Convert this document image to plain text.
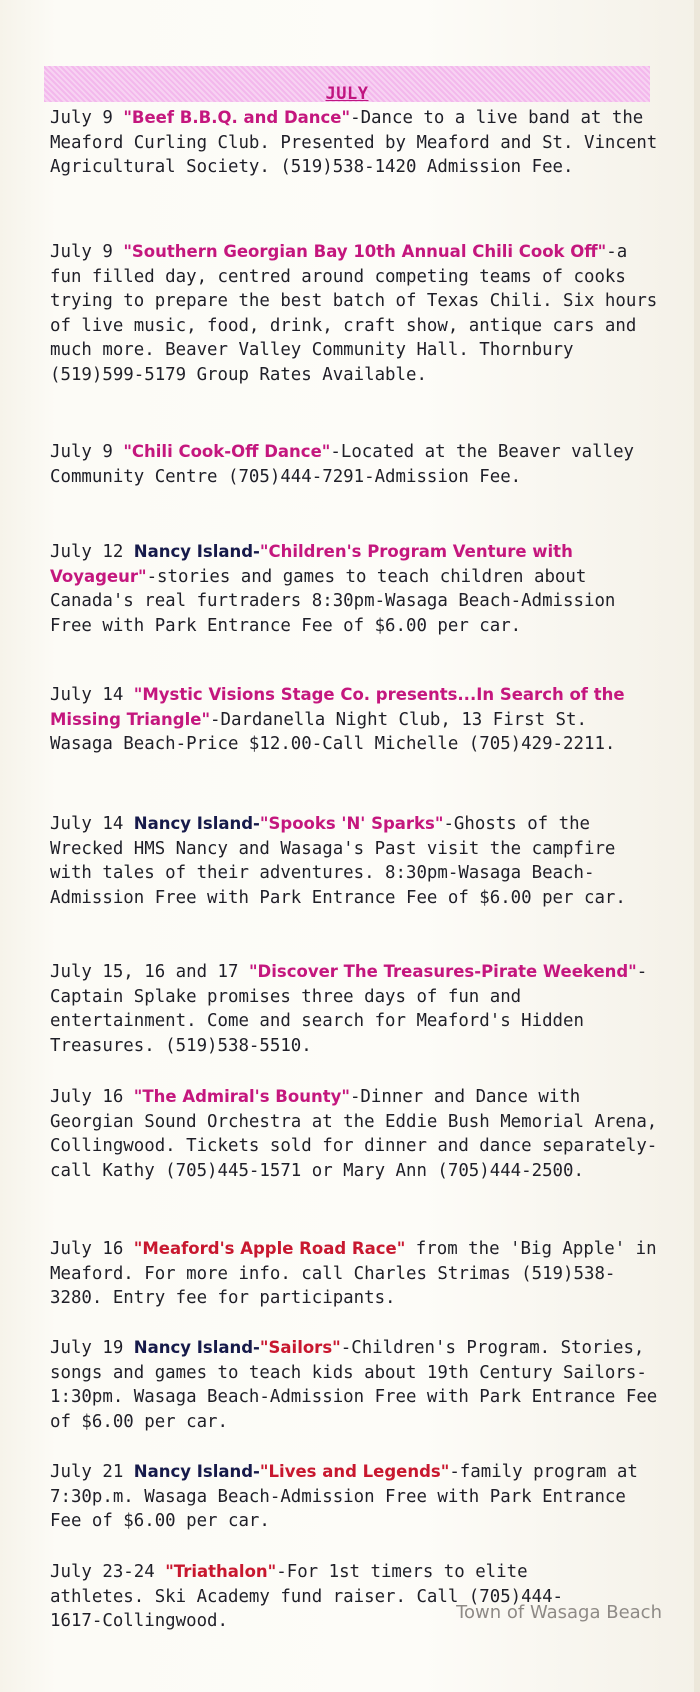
JULY
July 9 "Beef B.B.Q. and Dance"-Dance to a live band at the Meaford Curling Club. Presented by Meaford and St. Vincent Agricultural Society. (519)538-1420 Admission Fee.
July 9 "Southern Georgian Bay 10th Annual Chili Cook Off"-a fun filled day, centred around competing teams of cooks trying to prepare the best batch of Texas Chili. Six hours of live music, food, drink, craft show, antique cars and much more. Beaver Valley Community Hall. Thornbury (519)599-5179 Group Rates Available.
July 9 "Chili Cook-Off Dance"-Located at the Beaver valley Community Centre (705)444-7291-Admission Fee.
July 12 Nancy Island-"Children's Program Venture with Voyageur"-stories and games to teach children about Canada's real furtraders 8:30pm-Wasaga Beach-Admission Free with Park Entrance Fee of $6.00 per car.
July 14 "Mystic Visions Stage Co. presents...In Search of the Missing Triangle"-Dardanella Night Club, 13 First St. Wasaga Beach-Price $12.00-Call Michelle (705)429-2211.
July 14 Nancy Island-"Spooks 'N' Sparks"-Ghosts of the Wrecked HMS Nancy and Wasaga's Past visit the campfire with tales of their adventures. 8:30pm-Wasaga Beach-Admission Free with Park Entrance Fee of $6.00 per car.
July 15, 16 and 17 "Discover The Treasures-Pirate Weekend"-Captain Splake promises three days of fun and entertainment. Come and search for Meaford's Hidden Treasures. (519)538-5510.
July 16 "The Admiral's Bounty"-Dinner and Dance with Georgian Sound Orchestra at the Eddie Bush Memorial Arena, Collingwood. Tickets sold for dinner and dance separately-call Kathy (705)445-1571 or Mary Ann (705)444-2500.
July 16 "Meaford's Apple Road Race" from the 'Big Apple' in Meaford. For more info. call Charles Strimas (519)538-3280. Entry fee for participants.
July 19 Nancy Island-"Sailors"-Children's Program. Stories, songs and games to teach kids about 19th Century Sailors-1:30pm. Wasaga Beach-Admission Free with Park Entrance Fee of $6.00 per car.
July 21 Nancy Island-"Lives and Legends"-family program at 7:30p.m. Wasaga Beach-Admission Free with Park Entrance Fee of $6.00 per car.
July 23-24 "Triathalon"-For 1st timers to elite athletes. Ski Academy fund raiser. Call (705)444-1617-Collingwood.	Town of Wasaga Beach
